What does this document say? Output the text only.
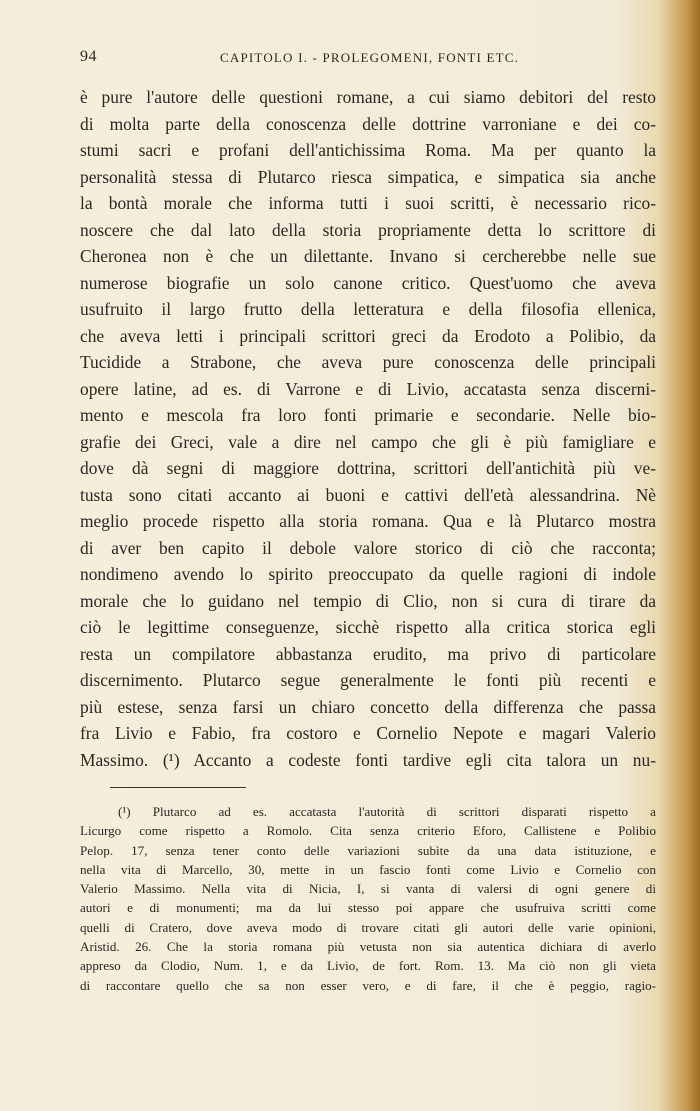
94	CAPITOLO I. - PROLEGOMENI, FONTI ETC.
è pure l'autore delle questioni romane, a cui siamo debitori del resto
di molta parte della conoscenza delle dottrine varroniane e dei co-
stumi sacri e profani dell'antichissima Roma. Ma per quanto la
personalità stessa di Plutarco riesca simpatica, e simpatica sia anche
la bontà morale che informa tutti i suoi scritti, è necessario rico-
noscere che dal lato della storia propriamente detta lo scrittore di
Cheronea non è che un dilettante. Invano si cercherebbe nelle sue
numerose biografie un solo canone critico. Quest'uomo che aveva
usufruito il largo frutto della letteratura e della filosofia ellenica,
che aveva letti i principali scrittori greci da Erodoto a Polibio, da
Tucidide a Strabone, che aveva pure conoscenza delle principali
opere latine, ad es. di Varrone e di Livio, accatasta senza discerni-
mento e mescola fra loro fonti primarie e secondarie. Nelle bio-
grafie dei Greci, vale a dire nel campo che gli è più famigliare e
dove dà segni di maggiore dottrina, scrittori dell'antichità più ve-
tusta sono citati accanto ai buoni e cattivi dell'età alessandrina. Nè
meglio procede rispetto alla storia romana. Qua e là Plutarco mostra
di aver ben capito il debole valore storico di ciò che racconta;
nondimeno avendo lo spirito preoccupato da quelle ragioni di indole
morale che lo guidano nel tempio di Clio, non si cura di tirare da
ciò le legittime conseguenze, sicchè rispetto alla critica storica egli
resta un compilatore abbastanza erudito, ma privo di particolare
discernimento. Plutarco segue generalmente le fonti più recenti e
più estese, senza farsi un chiaro concetto della differenza che passa
fra Livio e Fabio, fra costoro e Cornelio Nepote e magari Valerio
Massimo. (¹) Accanto a codeste fonti tardive egli cita talora un nu-
(¹) Plutarco ad es. accatasta l'autorità di scrittori disparati rispetto a
Licurgo come rispetto a Romolo. Cita senza criterio Eforo, Callistene e Polibio
Pelop. 17, senza tener conto delle variazioni subìte da una data istituzione, e
nella vita di Marcello, 30, mette in un fascio fonti come Livio e Cornelio con
Valerio Massimo. Nella vita di Nicia, I, si vanta di valersi di ogni genere di
autori e di monumenti; ma da lui stesso poi appare che usufruiva scritti come
quelli di Cratero, dove aveva modo di trovare citati gli autori delle varie opinioni,
Aristid. 26. Che la storia romana più vetusta non sia autentica dichiara di averlo
appreso da Clodio, Num. 1, e da Livio, de fort. Rom. 13. Ma ciò non gli vieta
di raccontare quello che sa non esser vero, e di fare, il che è peggio, ragio-
